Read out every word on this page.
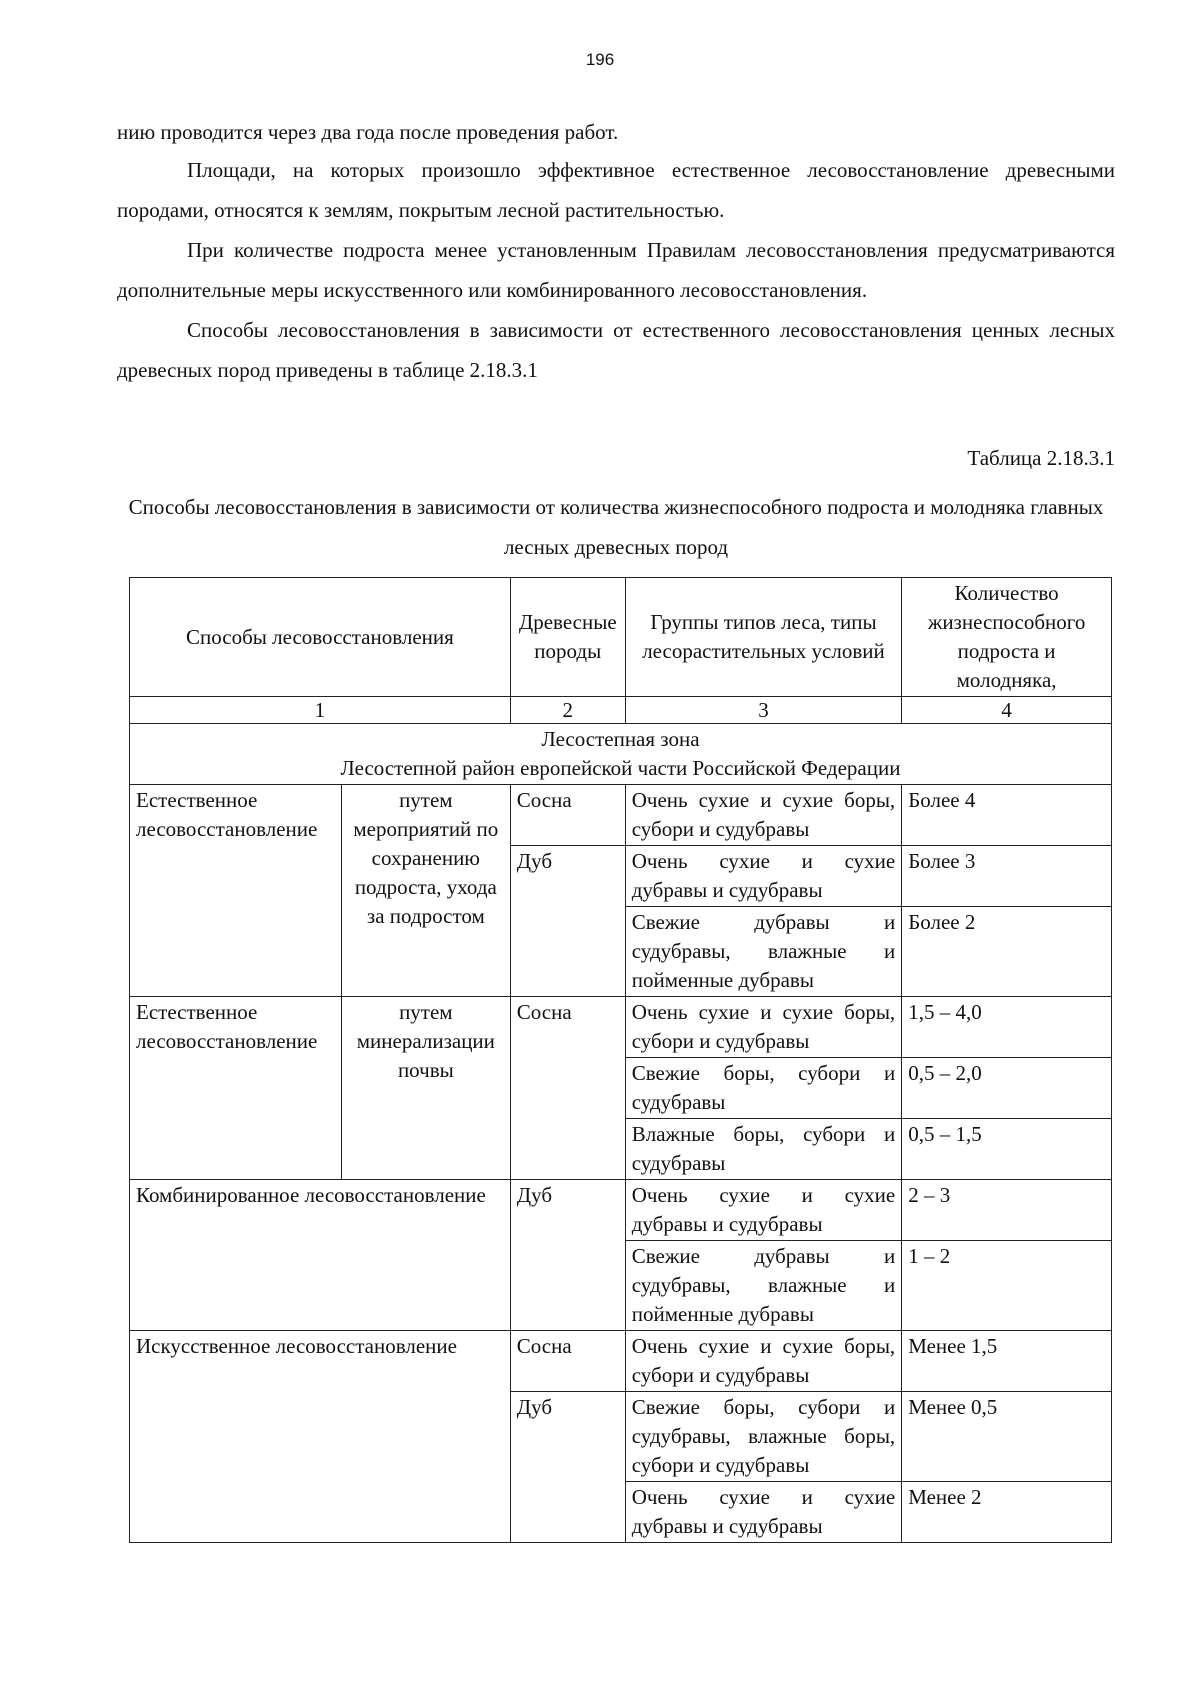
196

нию проводится через два года после проведения работ.

Площади, на которых произошло эффективное естественное лесовосстановление древесными породами, относятся к землям, покрытым лесной растительностью.

При количестве подроста менее установленным Правилам лесовосстановления предусматриваются дополнительные меры искусственного или комбинированного лесовосстановления.

Способы лесовосстановления в зависимости от естественного лесовосстановления ценных лесных древесных пород приведены в таблице 2.18.3.1

Таблица 2.18.3.1
Способы лесовосстановления в зависимости от количества жизнеспособного подроста и молодняка главных лесных древесных пород
Способы лесовосстановления		Древесные породы	Группы типов леса, типы лесорастительных условий	Количество жизнеспособного подроста и молодняка,
1		2	3	4

Лесостепная зона
Лесостепной район европейской части Российской Федерации				

Естественное лесовосстановление	путем мероприятий по сохранению подроста, ухода за подростом	Сосна	Очень сухие и сухие боры, субори и судубравы	Более 4
		Дуб	Очень сухие и сухие дубравы и судубравы	Более 3
			Свежие дубравы и судубравы, влажные и пойменные дубравы	Более 2
Естественное лесовосстановление	путем минерализации почвы	Сосна	Очень сухие и сухие боры, субори и судубравы	1,5 – 4,0
			Свежие боры, субори и судубравы	0,5 – 2,0
			Влажные боры, субори и судубравы	0,5 – 1,5
Комбинированное лесовосстановление		Дуб	Очень сухие и сухие дубравы и судубравы	2 – 3
			Свежие дубравы и судубравы, влажные и пойменные дубравы	1 – 2
Искусственное лесовосстановление		Сосна	Очень сухие и сухие боры, субори и судубравы	Менее 1,5
		Дуб	Свежие боры, субори и судубравы, влажные боры, субори и судубравы	Менее 0,5
			Очень сухие и сухие дубравы и судубравы	Менее 2
